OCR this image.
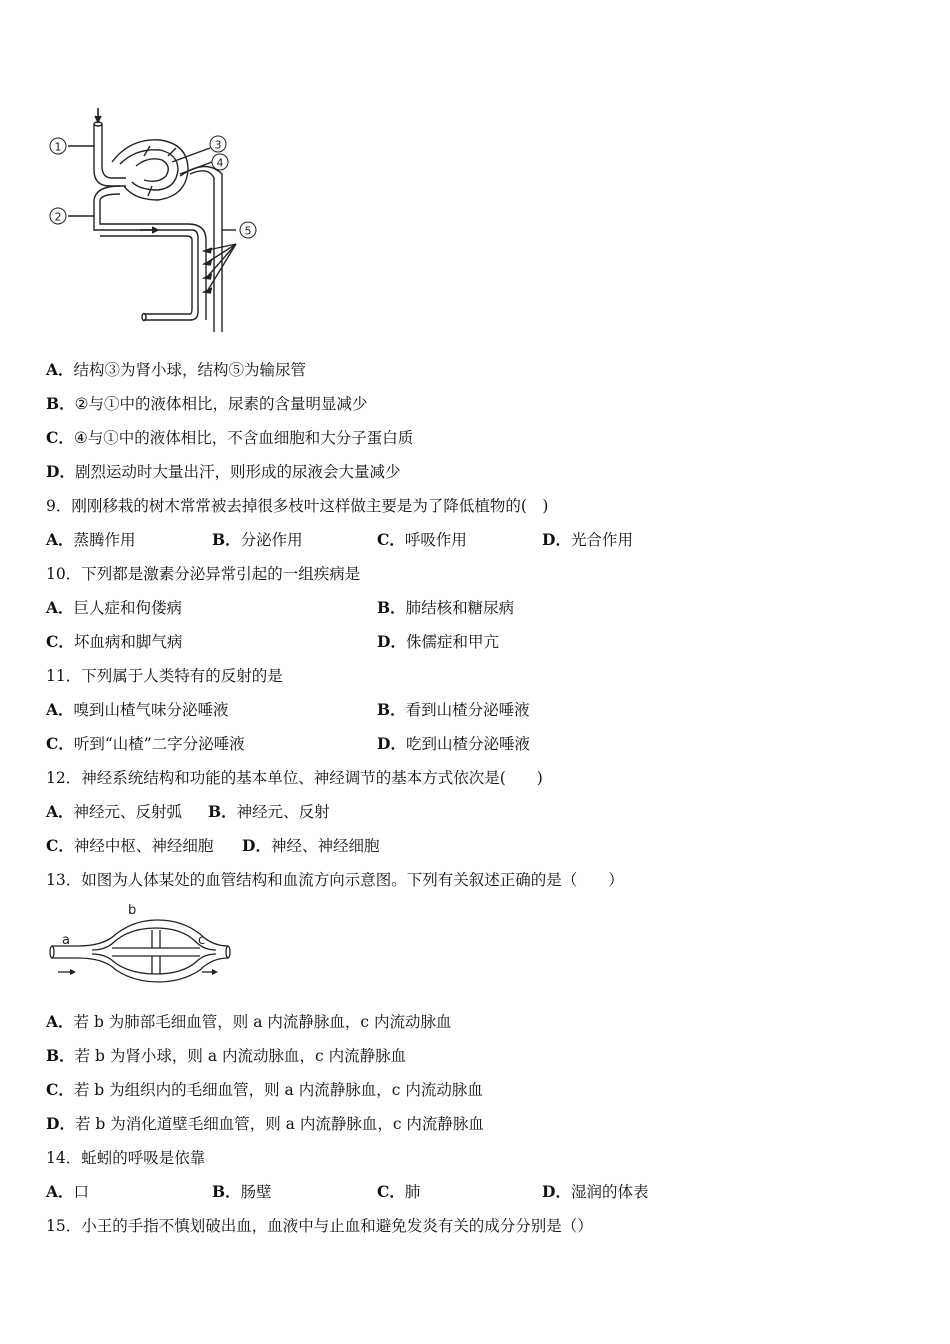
1
2
3
4
5
A．结构③为肾小球，结构⑤为输尿管
B．②与①中的液体相比，尿素的含量明显减少
C．④与①中的液体相比，不含血细胞和大分子蛋白质
D．剧烈运动时大量出汗，则形成的尿液会大量减少
9．刚刚移栽的树木常常被去掉很多枝叶这样做主要是为了降低植物的(　)
A．蒸腾作用	B．分泌作用	C．呼吸作用	D．光合作用
10．下列都是激素分泌异常引起的一组疾病是
A．巨人症和佝偻病	B．肺结核和糖尿病
C．坏血病和脚气病	D．侏儒症和甲亢
11．下列属于人类特有的反射的是
A．嗅到山楂气味分泌唾液	B．看到山楂分泌唾液
C．听到“山楂”二字分泌唾液	D．吃到山楂分泌唾液
12．神经系统结构和功能的基本单位、神经调节的基本方式依次是(　　)
A．神经元、反射弧 B．神经元、反射
C．神经中枢、神经细胞 D．神经、神经细胞
13．如图为人体某处的血管结构和血流方向示意图。下列有关叙述正确的是（　　）
a
b
c
A．若 b 为肺部毛细血管，则 a 内流静脉血，c 内流动脉血
B．若 b 为肾小球，则 a 内流动脉血，c 内流静脉血
C．若 b 为组织内的毛细血管，则 a 内流静脉血，c 内流动脉血
D．若 b 为消化道壁毛细血管，则 a 内流静脉血，c 内流静脉血
14．蚯蚓的呼吸是依靠
A．口	B．肠壁	C．肺	D．湿润的体表
15．小王的手指不慎划破出血，血液中与止血和避免发炎有关的成分分别是（）
